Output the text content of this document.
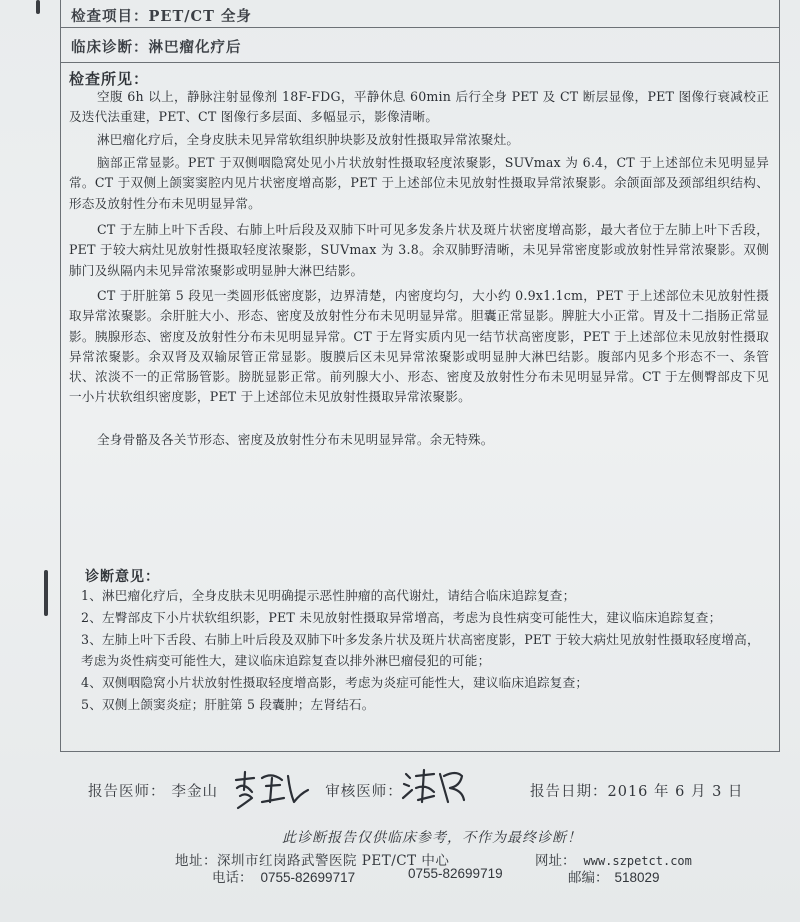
检查项目：PET/CT 全身
临床诊断：淋巴瘤化疗后
检查所见：
空腹 6h 以上，静脉注射显像剂 18F-FDG，平静休息 60min 后行全身 PET 及 CT 断层显像，PET 图像行衰减校正及迭代法重建，PET、CT 图像行多层面、多幅显示，影像清晰。
淋巴瘤化疗后，全身皮肤未见异常软组织肿块影及放射性摄取异常浓聚灶。
脑部正常显影。PET 于双侧咽隐窝处见小片状放射性摄取轻度浓聚影，SUVmax 为 6.4，CT 于上述部位未见明显异常。CT 于双侧上颌窦窦腔内见片状密度增高影，PET 于上述部位未见放射性摄取异常浓聚影。余颌面部及颈部组织结构、形态及放射性分布未见明显异常。
CT 于左肺上叶下舌段、右肺上叶后段及双肺下叶可见多发条片状及斑片状密度增高影，最大者位于左肺上叶下舌段，PET 于较大病灶见放射性摄取轻度浓聚影，SUVmax 为 3.8。余双肺野清晰，未见异常密度影或放射性异常浓聚影。双侧肺门及纵隔内未见异常浓聚影或明显肿大淋巴结影。
CT 于肝脏第 5 段见一类圆形低密度影，边界清楚，内密度均匀，大小约 0.9x1.1cm，PET 于上述部位未见放射性摄取异常浓聚影。余肝脏大小、形态、密度及放射性分布未见明显异常。胆囊正常显影。脾脏大小正常。胃及十二指肠正常显影。胰腺形态、密度及放射性分布未见明显异常。CT 于左肾实质内见一结节状高密度影，PET 于上述部位未见放射性摄取异常浓聚影。余双肾及双输尿管正常显影。腹膜后区未见异常浓聚影或明显肿大淋巴结影。腹部内见多个形态不一、条管状、浓淡不一的正常肠管影。膀胱显影正常。前列腺大小、形态、密度及放射性分布未见明显异常。CT 于左侧臀部皮下见一小片状软组织密度影，PET 于上述部位未见放射性摄取异常浓聚影。
全身骨骼及各关节形态、密度及放射性分布未见明显异常。余无特殊。
诊断意见：
1、淋巴瘤化疗后，全身皮肤未见明确提示恶性肿瘤的高代谢灶，请结合临床追踪复查；
2、左臀部皮下小片状软组织影，PET 未见放射性摄取异常增高，考虑为良性病变可能性大，建议临床追踪复查；
3、左肺上叶下舌段、右肺上叶后段及双肺下叶多发条片状及斑片状高密度影，PET 于较大病灶见放射性摄取轻度增高，考虑为炎性病变可能性大，建议临床追踪复查以排外淋巴瘤侵犯的可能；
4、双侧咽隐窝小片状放射性摄取轻度增高影，考虑为炎症可能性大，建议临床追踪复查；
5、双侧上颌窦炎症；肝脏第 5 段囊肿；左肾结石。
报告医师： 李金山	审核医师：	报告日期：2016 年 6 月 3 日
此诊断报告仅供临床参考，不作为最终诊断！
地址：深圳市红岗路武警医院 PET/CT 中心	网址： www.szpetct.com
电话： 0755-82699717	0755-82699719	邮编： 518029
